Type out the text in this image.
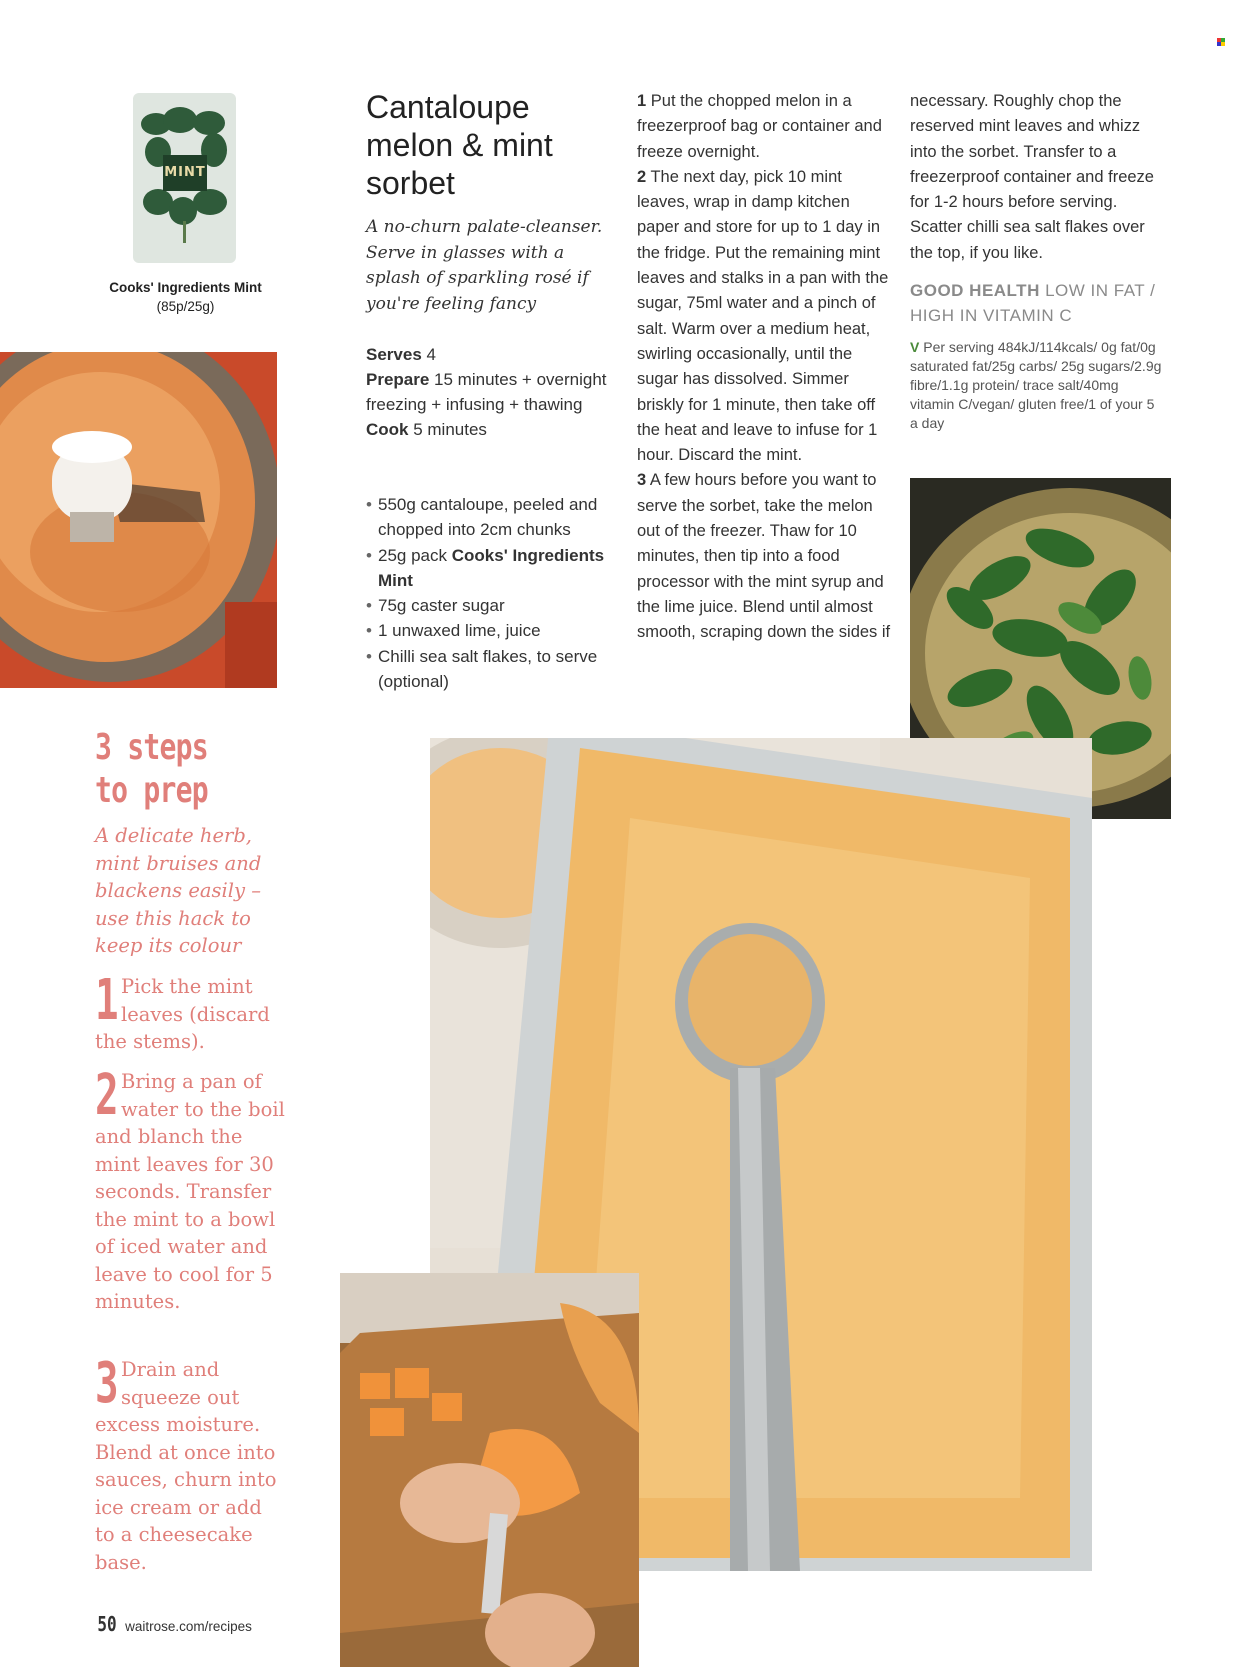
MINT
Cooks' Ingredients Mint
(85p/25g)
Cantaloupe melon & mint sorbet
A no-churn palate-cleanser. Serve in glasses with a splash of sparkling rosé if you're feeling fancy
Serves 4
Prepare 15 minutes + overnight freezing + infusing + thawing
Cook 5 minutes
• 550g cantaloupe, peeled and chopped into 2cm chunks
• 25g pack Cooks' Ingredients Mint
• 75g caster sugar
• 1 unwaxed lime, juice
• Chilli sea salt flakes, to serve (optional)
1 Put the chopped melon in a freezerproof bag or container and freeze overnight.
2 The next day, pick 10 mint leaves, wrap in damp kitchen paper and store for up to 1 day in the fridge. Put the remaining mint leaves and stalks in a pan with the sugar, 75ml water and a pinch of salt. Warm over a medium heat, swirling occasionally, until the sugar has dissolved. Simmer briskly for 1 minute, then take off the heat and leave to infuse for 1 hour. Discard the mint.
3 A few hours before you want to serve the sorbet, take the melon out of the freezer. Thaw for 10 minutes, then tip into a food processor with the mint syrup and the lime juice. Blend until almost smooth, scraping down the sides if
necessary. Roughly chop the reserved mint leaves and whizz into the sorbet. Transfer to a freezerproof container and freeze for 1-2 hours before serving. Scatter chilli sea salt flakes over the top, if you like.
GOOD HEALTH LOW IN FAT / HIGH IN VITAMIN C
V Per serving 484kJ/114kcals/ 0g fat/0g saturated fat/25g carbs/ 25g sugars/2.9g fibre/1.1g protein/ trace salt/40mg vitamin C/vegan/ gluten free/1 of your 5 a day
3 steps
to prep
A delicate herb, mint bruises and blackens easily – use this hack to keep its colour
1 Pick the mint leaves (discard the stems).
2 Bring a pan of water to the boil and blanch the mint leaves for 30 seconds. Transfer the mint to a bowl of iced water and leave to cool for 5 minutes.
3 Drain and squeeze out excess moisture. Blend at once into sauces, churn into ice cream or add to a cheesecake base.
50 waitrose.com/recipes
